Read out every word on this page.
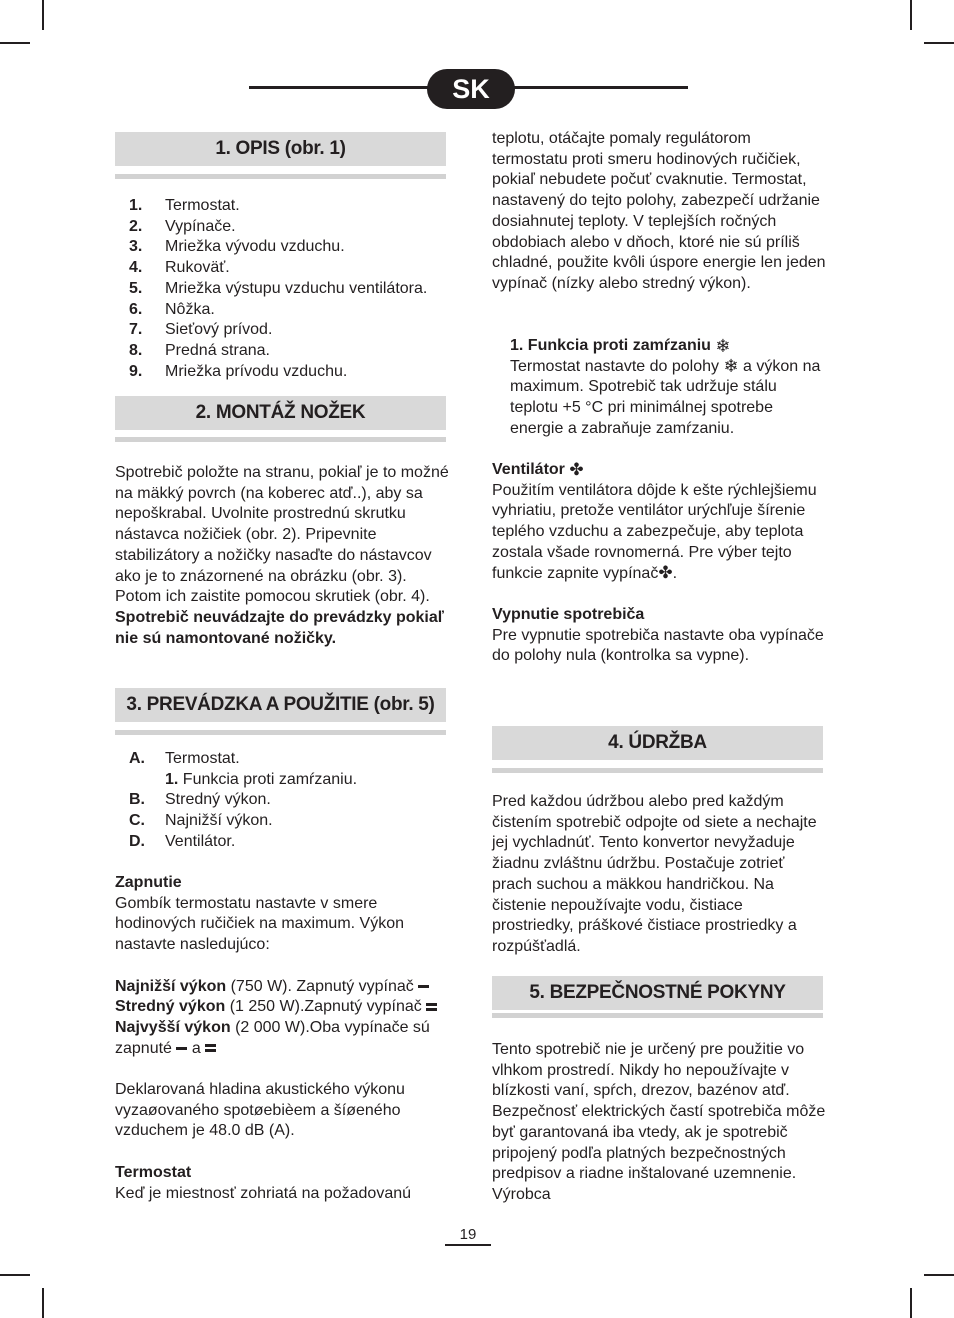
SK
1. OPIS (obr. 1)
1. Termostat.
2. Vypínače.
3. Mriežka vývodu vzduchu.
4. Rukoväť.
5. Mriežka výstupu vzduchu ventilátora.
6. Nôžka.
7. Sieťový prívod.
8. Predná strana.
9. Mriežka prívodu vzduchu.
2. MONTÁŽ NOŽEK
Spotrebič položte na stranu, pokiaľ je to možné na mäkký povrch (na koberec atď..), aby sa nepoškrabal. Uvolnite prostrednú skrutku nástavca nožičiek (obr. 2). Pripevnite stabilizátory a nožičky nasaďte do nástavcov ako je to znázornené na obrázku (obr. 3). Potom ich zaistite pomocou skrutiek (obr. 4). Spotrebič neuvádzajte do prevádzky pokiaľ nie sú namontované nožičky.
3. PREVÁDZKA A POUŽITIE (obr. 5)
A. Termostat.
1. Funkcia proti zamŕzaniu.
B. Stredný výkon.
C. Najnižší výkon.
D. Ventilátor.

Zapnutie

Gombík termostatu nastavte v smere hodinových ručičiek na maximum. Výkon nastavte nasledujúco:

Najnižší výkon (750 W). Zapnutý vypínač

Stredný výkon (1 250 W).Zapnutý vypínač

Najvyšší výkon (2 000 W).Oba vypínače sú

zapnuté  a

Deklarovaná hladina akustického výkonu vyzaøovaného spotøebièem a šíøeného vzduchem je 48.0 dB (A).

Termostat

Keď je miestnosť zohriatá na požadovanú

teplotu, otáčajte pomaly regulátorom termostatu proti smeru hodinových ručičiek, pokiaľ nebudete počuť cvaknutie. Termostat, nastavený do tejto polohy, zabezpečí udržanie dosiahnutej teploty. V teplejších ročných obdobiach alebo v dňoch, ktoré nie sú príliš chladné, použite kvôli úspore energie len jeden vypínač (nízky alebo stredný výkon).

1. Funkcia proti zamŕzaniu ❄

Termostat nastavte do polohy ❄ a výkon na maximum. Spotrebič tak udržuje stálu teplotu +5 °C pri minimálnej spotrebe energie a zabraňuje zamŕzaniu.

Ventilátor ✤

Použitím ventilátora dôjde k ešte rýchlejšiemu vyhriatiu, pretože ventilátor urýchľuje šírenie teplého vzduchu a zabezpečuje, aby teplota zostala všade rovnomerná. Pre výber tejto funkcie zapnite vypínač✤.

Vypnutie spotrebiča

Pre vypnutie spotrebiča nastavte oba vypínače do polohy nula (kontrolka sa vypne).

4. ÚDRŽBA
Pred každou údržbou alebo pred každým čistením spotrebič odpojte od siete a nechajte jej vychladnúť. Tento konvertor nevyžaduje žiadnu zvláštnu údržbu. Postačuje zotrieť prach suchou a mäkkou handričkou. Na čistenie nepoužívajte vodu, čistiace prostriedky, práškové čistiace prostriedky a rozpúšťadlá.
5. BEZPEČNOSTNÉ POKYNY
Tento spotrebič nie je určený pre použitie vo vlhkom prostredí. Nikdy ho nepoužívajte v blízkosti vaní, spŕch, drezov, bazénov atď. Bezpečnosť elektrických častí spotrebiča môže byť garantovaná iba vtedy, ak je spotrebič pripojený podľa platných bezpečnostných predpisov a riadne inštalované uzemnenie. Výrobca
19
